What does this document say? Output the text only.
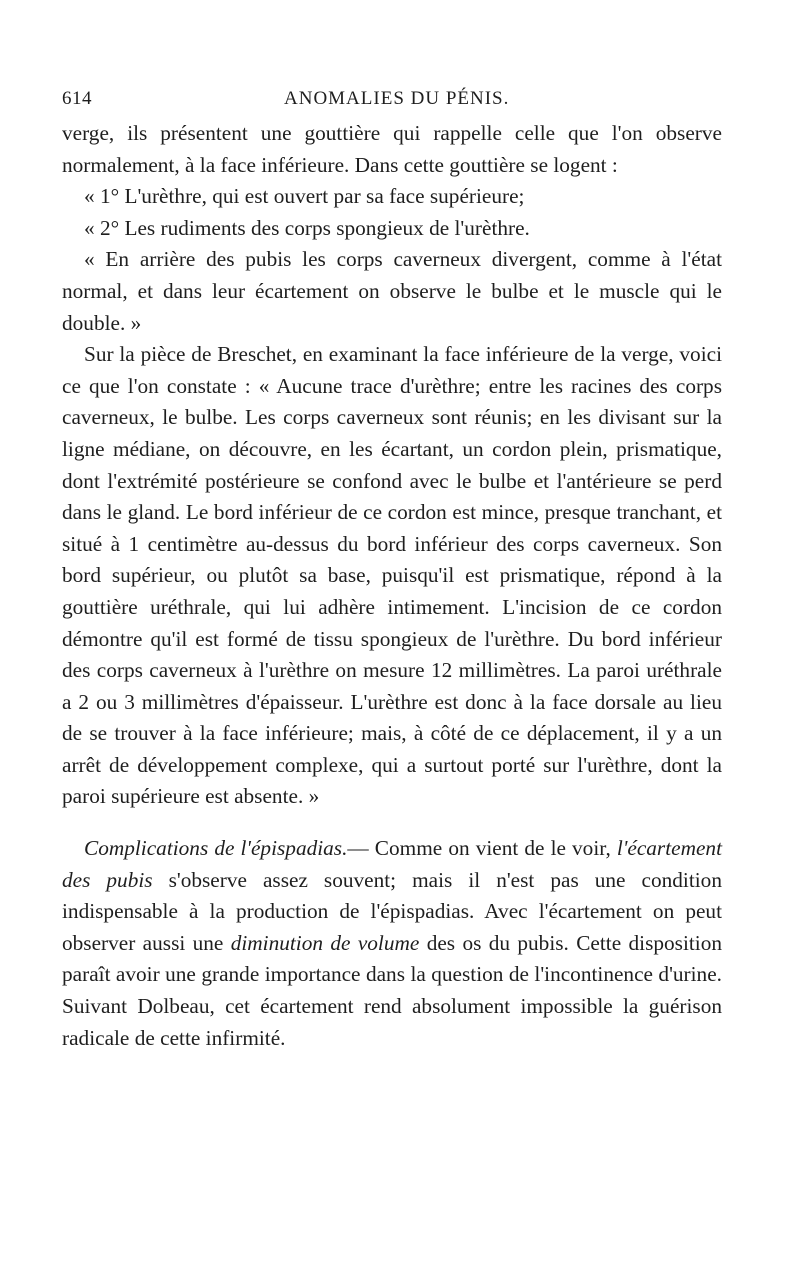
614	ANOMALIES DU PÉNIS.

verge, ils présentent une gouttière qui rappelle celle que l'on observe normalement, à la face inférieure. Dans cette gouttière se logent :

« 1° L'urèthre, qui est ouvert par sa face supérieure;

« 2° Les rudiments des corps spongieux de l'urèthre.

« En arrière des pubis les corps caverneux divergent, comme à l'état normal, et dans leur écartement on observe le bulbe et le muscle qui le double. »

Sur la pièce de Breschet, en examinant la face inférieure de la verge, voici ce que l'on constate : « Aucune trace d'urèthre; entre les racines des corps caverneux, le bulbe. Les corps caverneux sont réunis; en les divisant sur la ligne médiane, on découvre, en les écartant, un cordon plein, prismatique, dont l'extrémité postérieure se confond avec le bulbe et l'antérieure se perd dans le gland. Le bord inférieur de ce cordon est mince, presque tranchant, et situé à 1 centimètre au-dessus du bord inférieur des corps caverneux. Son bord supérieur, ou plutôt sa base, puisqu'il est prismatique, répond à la gouttière uréthrale, qui lui adhère intimement. L'incision de ce cordon démontre qu'il est formé de tissu spongieux de l'urèthre. Du bord inférieur des corps caverneux à l'urèthre on mesure 12 millimètres. La paroi uréthrale a 2 ou 3 millimètres d'épaisseur. L'urèthre est donc à la face dorsale au lieu de se trouver à la face inférieure; mais, à côté de ce déplacement, il y a un arrêt de développement complexe, qui a surtout porté sur l'urèthre, dont la paroi supérieure est absente. »

Complications de l'épispadias.— Comme on vient de le voir, l'écartement des pubis s'observe assez souvent; mais il n'est pas une condition indispensable à la production de l'épispadias. Avec l'écartement on peut observer aussi une diminution de volume des os du pubis. Cette disposition paraît avoir une grande importance dans la question de l'incontinence d'urine. Suivant Dolbeau, cet écartement rend absolument impossible la guérison radicale de cette infirmité.
